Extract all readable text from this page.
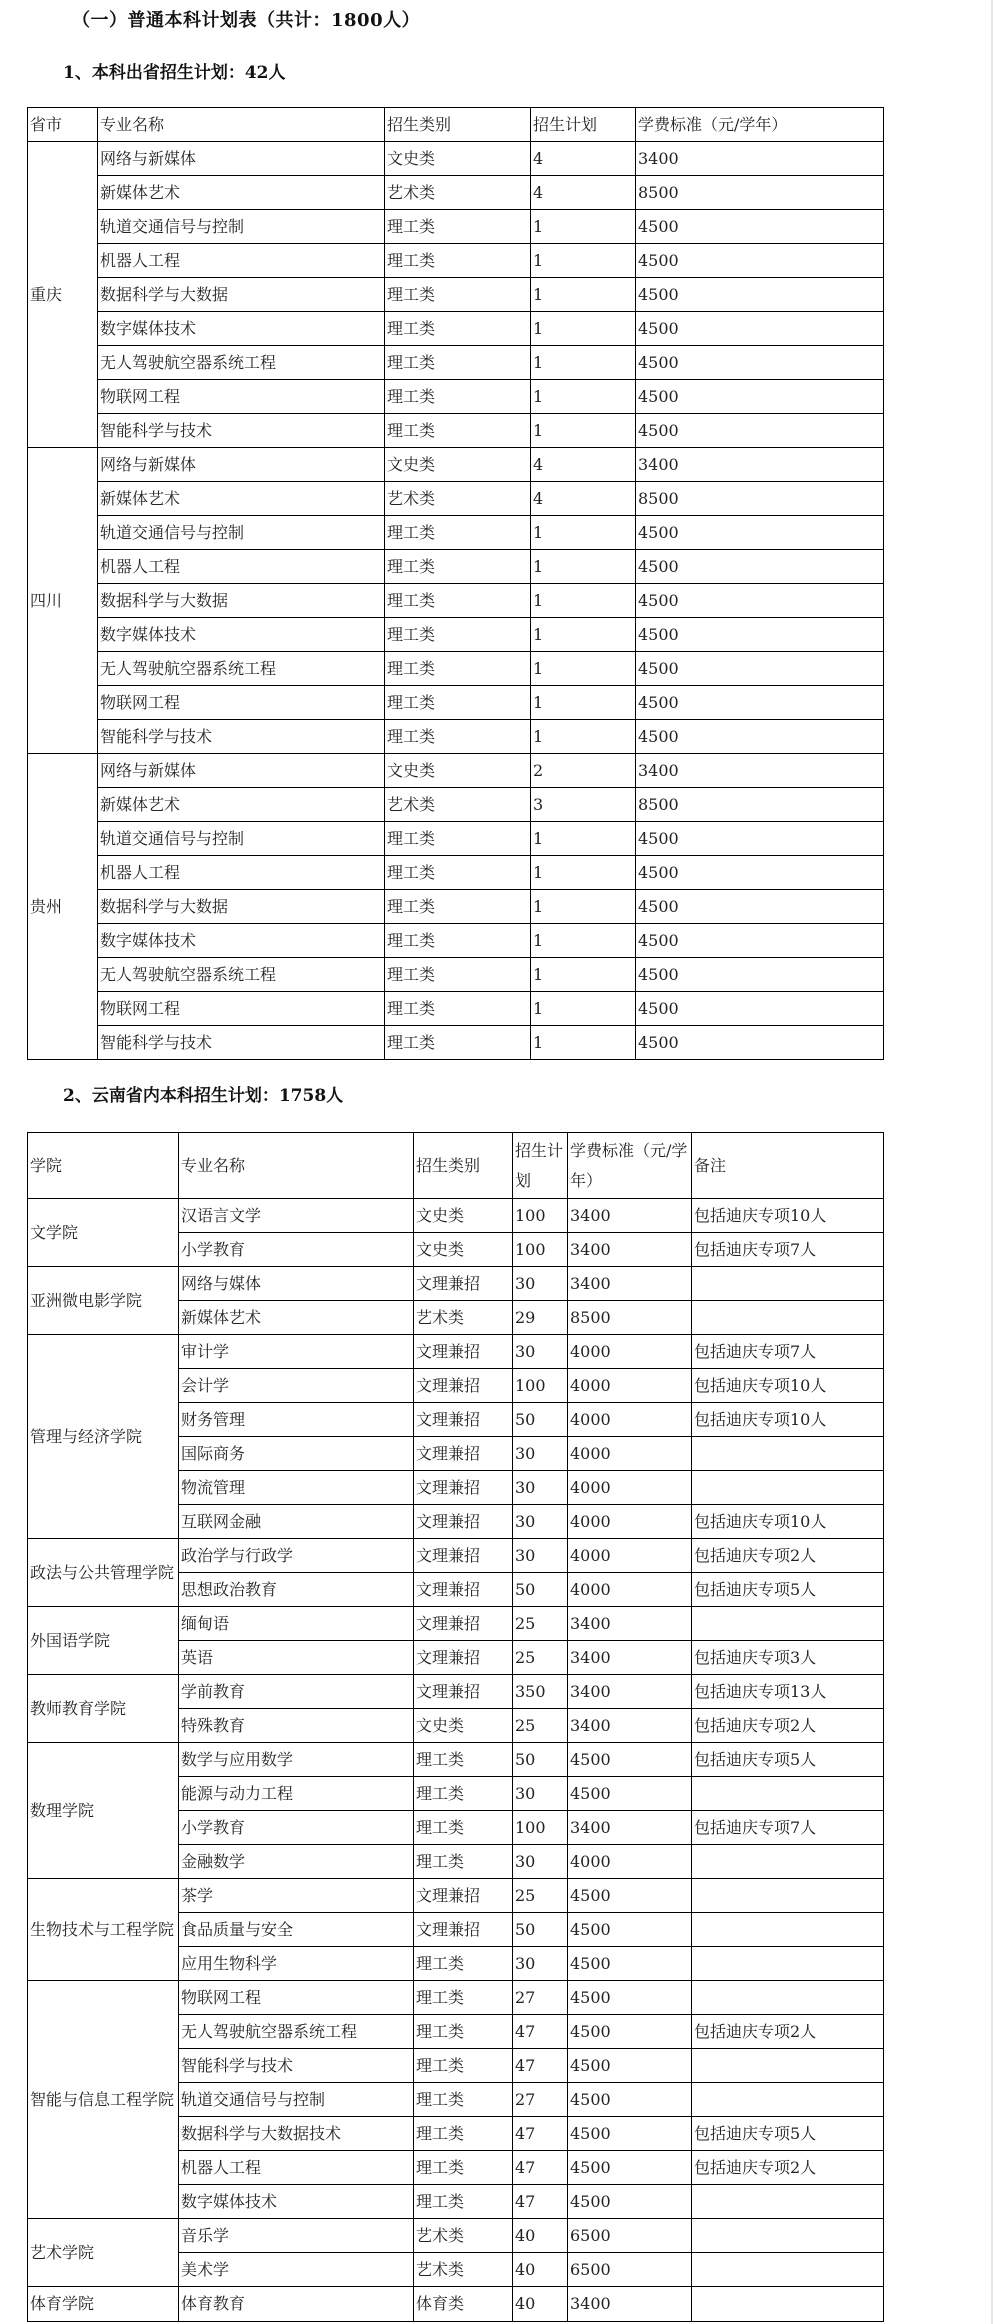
（一）普通本科计划表（共计：1800人）
1、本科出省招生计划：42人
省市	专业名称	招生类别	招生计划	学费标准（元/学年）
重庆	网络与新媒体	文史类	4	3400
	新媒体艺术	艺术类	4	8500
	轨道交通信号与控制	理工类	1	4500
	机器人工程	理工类	1	4500
	数据科学与大数据	理工类	1	4500
	数字媒体技术	理工类	1	4500
	无人驾驶航空器系统工程	理工类	1	4500
	物联网工程	理工类	1	4500
	智能科学与技术	理工类	1	4500
四川	网络与新媒体	文史类	4	3400
	新媒体艺术	艺术类	4	8500
	轨道交通信号与控制	理工类	1	4500
	机器人工程	理工类	1	4500
	数据科学与大数据	理工类	1	4500
	数字媒体技术	理工类	1	4500
	无人驾驶航空器系统工程	理工类	1	4500
	物联网工程	理工类	1	4500
	智能科学与技术	理工类	1	4500
贵州	网络与新媒体	文史类	2	3400
	新媒体艺术	艺术类	3	8500
	轨道交通信号与控制	理工类	1	4500
	机器人工程	理工类	1	4500
	数据科学与大数据	理工类	1	4500
	数字媒体技术	理工类	1	4500
	无人驾驶航空器系统工程	理工类	1	4500
	物联网工程	理工类	1	4500
	智能科学与技术	理工类	1	4500
2、云南省内本科招生计划：1758人
学院	专业名称	招生类别	招生计划	学费标准（元/学年）	备注
文学院	汉语言文学	文史类	100	3400	包括迪庆专项10人
	小学教育	文史类	100	3400	包括迪庆专项7人
亚洲微电影学院	网络与媒体	文理兼招	30	3400	
	新媒体艺术	艺术类	29	8500	
管理与经济学院	审计学	文理兼招	30	4000	包括迪庆专项7人
	会计学	文理兼招	100	4000	包括迪庆专项10人
	财务管理	文理兼招	50	4000	包括迪庆专项10人
	国际商务	文理兼招	30	4000	
	物流管理	文理兼招	30	4000	
	互联网金融	文理兼招	30	4000	包括迪庆专项10人
政法与公共管理学院	政治学与行政学	文理兼招	30	4000	包括迪庆专项2人
	思想政治教育	文理兼招	50	4000	包括迪庆专项5人
外国语学院	缅甸语	文理兼招	25	3400	
	英语	文理兼招	25	3400	包括迪庆专项3人
教师教育学院	学前教育	文理兼招	350	3400	包括迪庆专项13人
	特殊教育	文史类	25	3400	包括迪庆专项2人
数理学院	数学与应用数学	理工类	50	4500	包括迪庆专项5人
	能源与动力工程	理工类	30	4500	
	小学教育	理工类	100	3400	包括迪庆专项7人
	金融数学	理工类	30	4000	
生物技术与工程学院	茶学	文理兼招	25	4500	
	食品质量与安全	文理兼招	50	4500	
	应用生物科学	理工类	30	4500	
智能与信息工程学院	物联网工程	理工类	27	4500	
	无人驾驶航空器系统工程	理工类	47	4500	包括迪庆专项2人
	智能科学与技术	理工类	47	4500	
	轨道交通信号与控制	理工类	27	4500	
	数据科学与大数据技术	理工类	47	4500	包括迪庆专项5人
	机器人工程	理工类	47	4500	包括迪庆专项2人
	数字媒体技术	理工类	47	4500	
艺术学院	音乐学	艺术类	40	6500	
	美术学	艺术类	40	6500	
体育学院	体育教育	体育类	40	3400	
